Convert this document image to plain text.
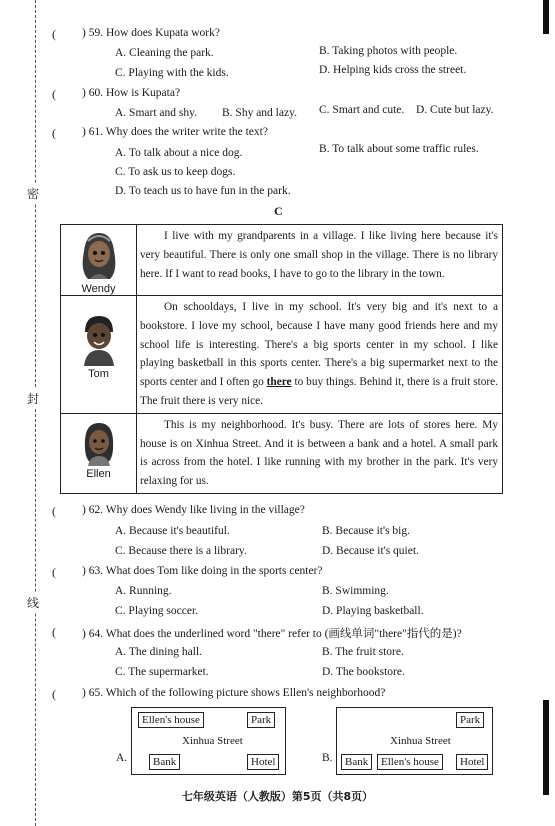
密
封
线
( ) 59. How does Kupata work?
A. Cleaning the park.	B. Taking photos with people.
C. Playing with the kids.	D. Helping kids cross the street.
( ) 60. How is Kupata?
A. Smart and shy. B. Shy and lazy. C. Smart and cute. D. Cute but lazy.
( ) 61. Why does the writer write the text?
A. To talk about a nice dog.	B. To talk about some traffic rules.
C. To ask us to keep dogs.
D. To teach us to have fun in the park.
C
Wendy	I live with my grandparents in a village. I like living here because it's very beautiful. There is only one small shop in the village. There is no library here. If I want to read books, I have to go to the library in the town.

Tom	On schooldays, I live in my school. It's very big and it's next to a bookstore. I love my school, because I have many good friends here and my school life is interesting. There's a big sports center in my school. I like playing basketball in this sports center. There's a big supermarket next to the sports center and I often go there to buy things. Behind it, there is a fruit store. The fruit there is very nice.

Ellen	This is my neighborhood. It's busy. There are lots of stores here. My house is on Xinhua Street. And it is between a bank and a hotel. A small park is across from the hotel. I like running with my brother in the park. It's very relaxing for us.
( ) 62. Why does Wendy like living in the village?
A. Because it's beautiful.	B. Because it's big.
C. Because there is a library.	D. Because it's quiet.
( ) 63. What does Tom like doing in the sports center?
A. Running.	B. Swimming.
C. Playing soccer.	D. Playing basketball.
( ) 64. What does the underlined word "there" refer to (画线单词"there"指代的是)?
A. The dining hall.	B. The fruit store.
C. The supermarket.	D. The bookstore.
( ) 65. Which of the following picture shows Ellen's neighborhood?
A.
Ellen's house	Park
Xinhua Street
Bank	Hotel	B.
Park
Xinhua Street
Bank	Ellen's house	Hotel
七年级英语（人教版）第5页（共8页）
